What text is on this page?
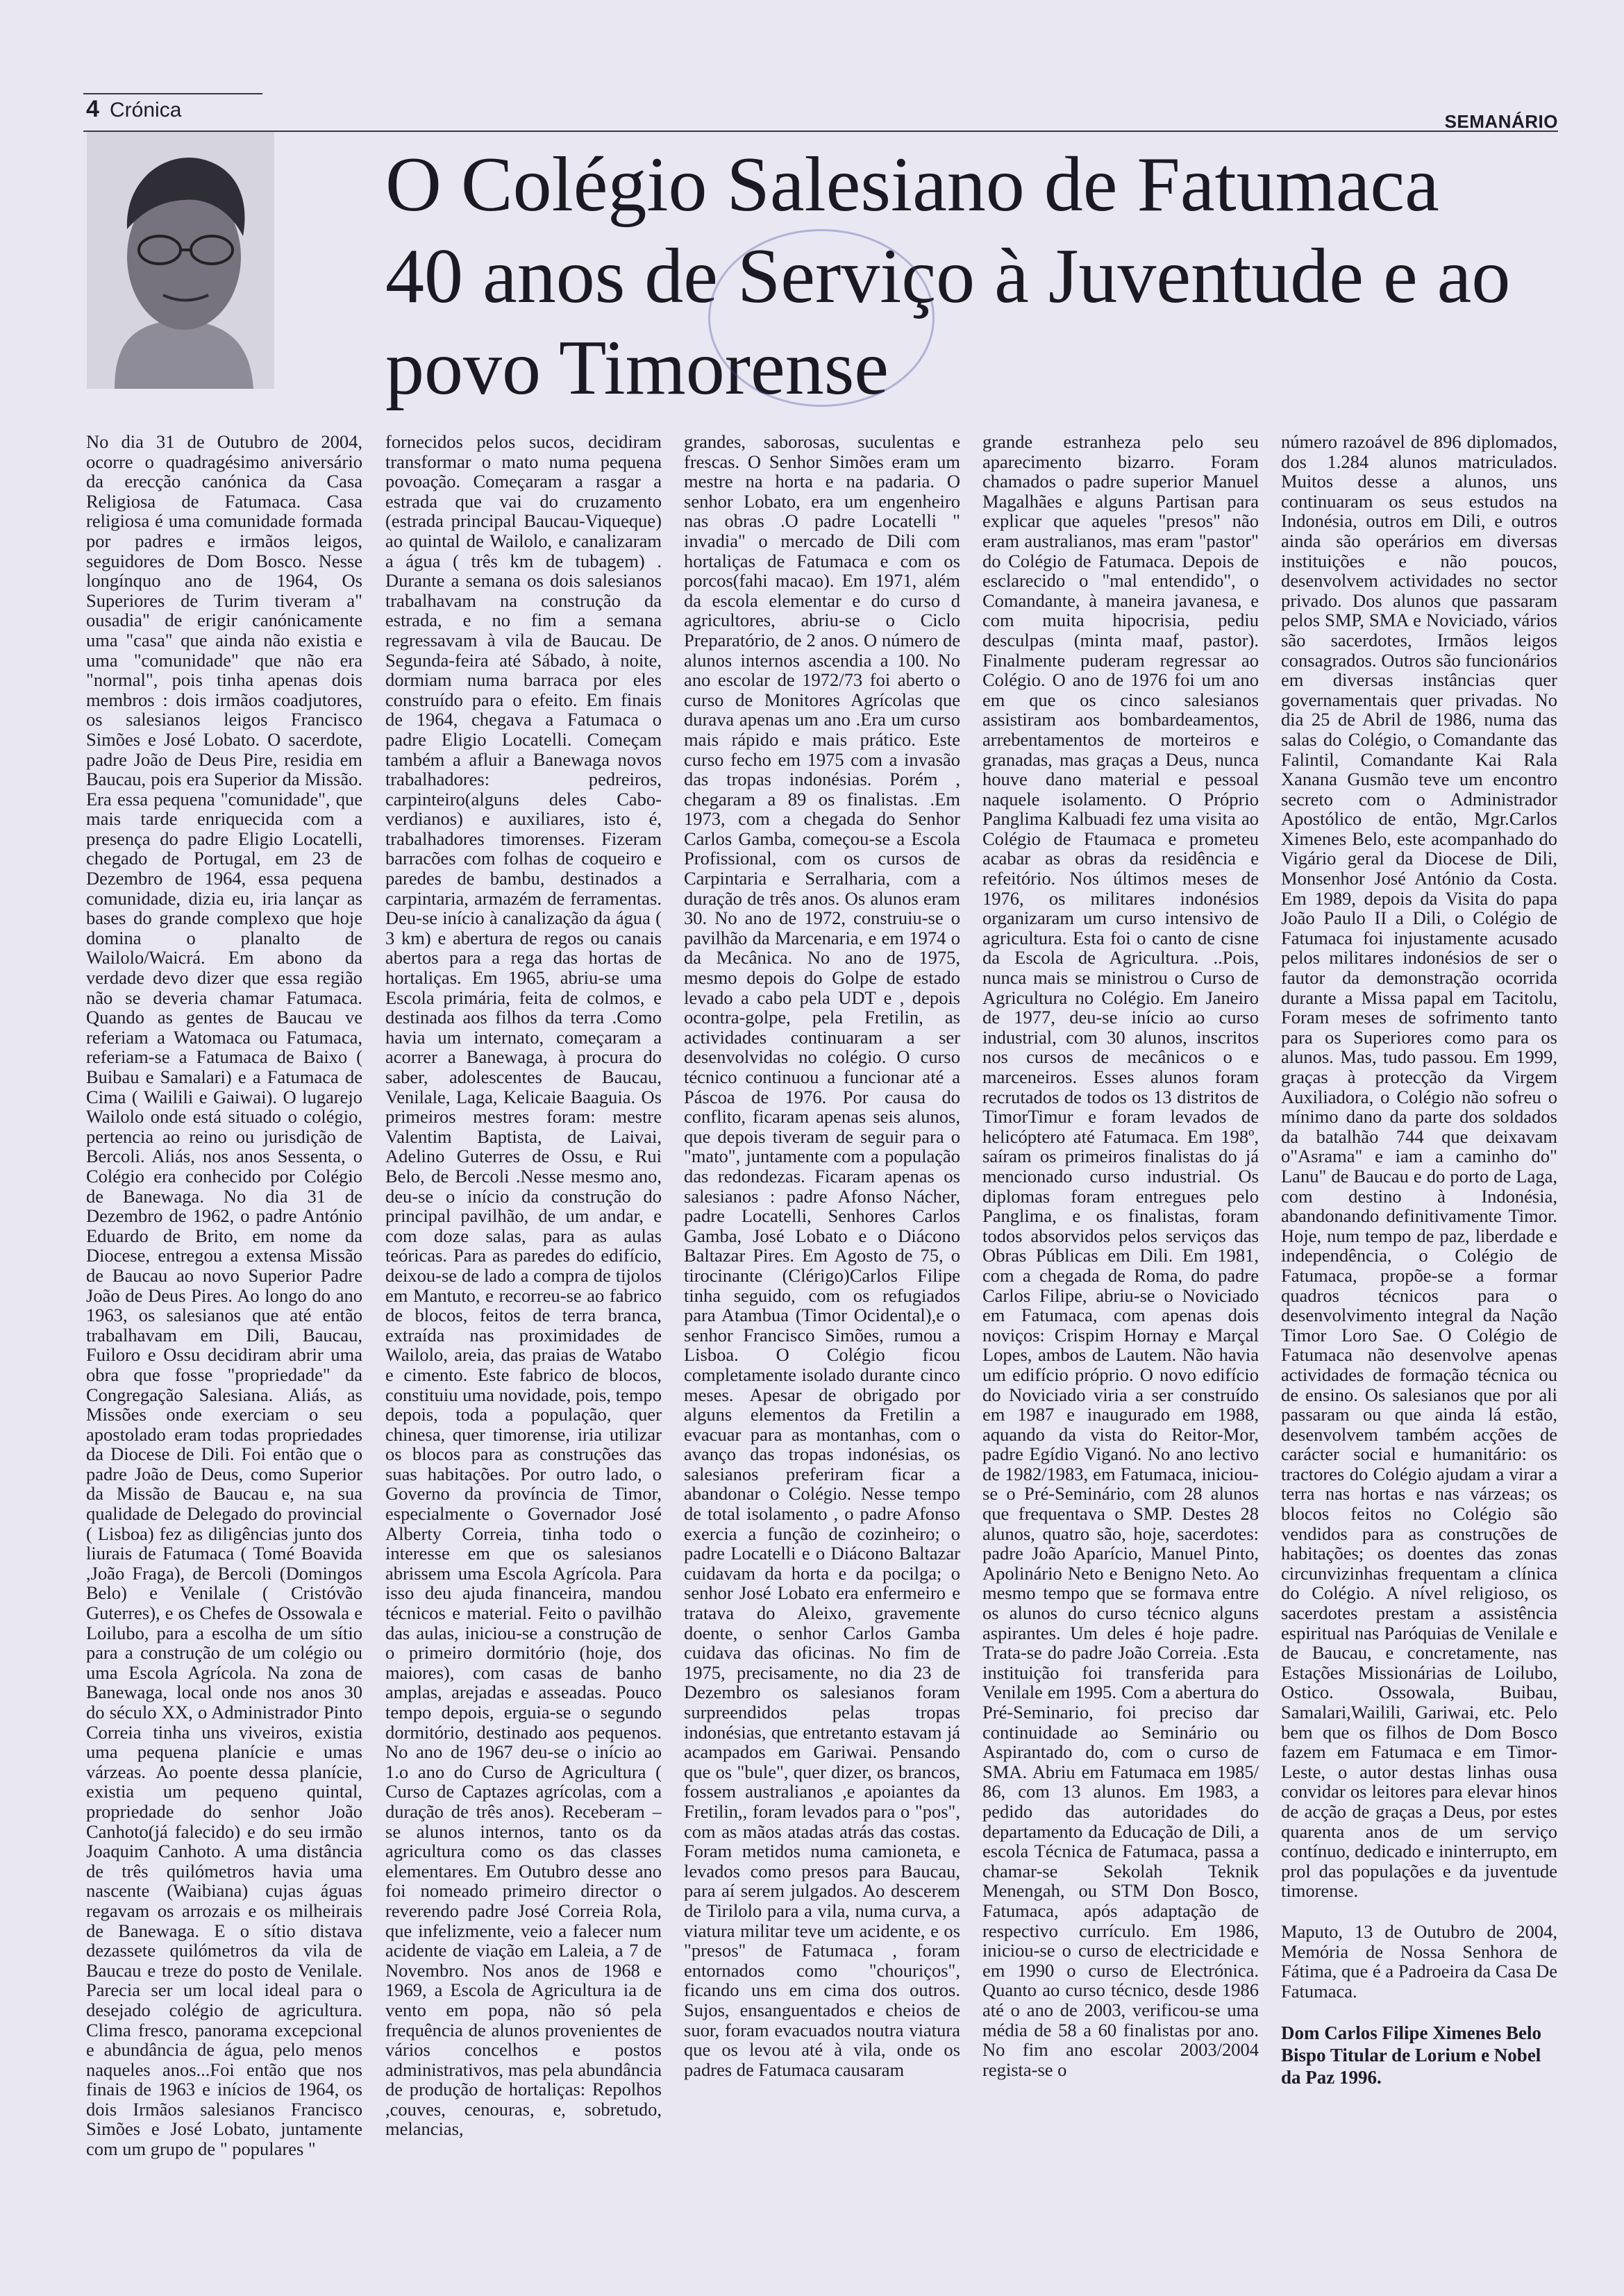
4 Crónica	SEMANÁRIO
O Colégio Salesiano de Fatumaca
40 anos de Serviço à Juventude e ao
povo Timorense

No dia 31 de Outubro de 2004, ocorre o quadragésimo aniversário da erecção canónica da Casa Religiosa de Fatumaca. Casa religiosa é uma comunidade formada por padres e irmãos leigos, seguidores de Dom Bosco. Nesse longínquo ano de 1964, Os Superiores de Turim tiveram a" ousadia" de erigir canónicamente uma "casa" que ainda não existia e uma "comunidade" que não era "normal", pois tinha apenas dois membros : dois irmãos coadjutores, os salesianos leigos Francisco Simões e José Lobato. O sacerdote, padre João de Deus Pire, residia em Baucau, pois era Superior da Missão. Era essa pequena "comunidade", que mais tarde enriquecida com a presença do padre Eligio Locatelli, chegado de Portugal, em 23 de Dezembro de 1964, essa pequena comunidade, dizia eu, iria lançar as bases do grande complexo que hoje domina o planalto de Wailolo/Waicrá. Em abono da verdade devo dizer que essa região não se deveria chamar Fatumaca. Quando as gentes de Baucau ve referiam a Watomaca ou Fatumaca, referiam-se a Fatumaca de Baixo ( Buibau e Samalari) e a Fatumaca de Cima ( Wailili e Gaiwai). O lugarejo Wailolo onde está situado o colégio, pertencia ao reino ou jurisdição de Bercoli. Aliás, nos anos Sessenta, o Colégio era conhecido por Colégio de Banewaga. No dia 31 de Dezembro de 1962, o padre António Eduardo de Brito, em nome da Diocese, entregou a extensa Missão de Baucau ao novo Superior Padre João de Deus Pires. Ao longo do ano 1963, os salesianos que até então trabalhavam em Dili, Baucau, Fuiloro e Ossu decidiram abrir uma obra que fosse "propriedade" da Congregação Salesiana. Aliás, as Missões onde exerciam o seu apostolado eram todas propriedades da Diocese de Dili. Foi então que o padre João de Deus, como Superior da Missão de Baucau e, na sua qualidade de Delegado do provincial ( Lisboa) fez as diligências junto dos liurais de Fatumaca ( Tomé Boavida ,João Fraga), de Bercoli (Domingos Belo) e Venilale ( Cristóvão Guterres), e os Chefes de Ossowala e Loilubo, para a escolha de um sítio para a construção de um colégio ou uma Escola Agrícola. Na zona de Banewaga, local onde nos anos 30 do século XX, o Administrador Pinto Correia tinha uns viveiros, existia uma pequena planície e umas várzeas. Ao poente dessa planície, existia um pequeno quintal, propriedade do senhor João Canhoto(já falecido) e do seu irmão Joaquim Canhoto. A uma distância de três quilómetros havia uma nascente (Waibiana) cujas águas regavam os arrozais e os milheirais de Banewaga. E o sítio distava dezassete quilómetros da vila de Baucau e treze do posto de Venilale. Parecia ser um local ideal para o desejado colégio de agricultura. Clima fresco, panorama excepcional e abundância de água, pelo menos naqueles anos...Foi então que nos finais de 1963 e inícios de 1964, os dois Irmãos salesianos Francisco Simões e José Lobato, juntamente com um grupo de " populares "

fornecidos pelos sucos, decidiram transformar o mato numa pequena povoação. Começaram a rasgar a estrada que vai do cruzamento (estrada principal Baucau-Viqueque) ao quintal de Wailolo, e canalizaram a água ( três km de tubagem) . Durante a semana os dois salesianos trabalhavam na construção da estrada, e no fim a semana regressavam à vila de Baucau. De Segunda-feira até Sábado, à noite, dormiam numa barraca por eles construído para o efeito. Em finais de 1964, chegava a Fatumaca o padre Eligio Locatelli. Começam também a afluir a Banewaga novos trabalhadores: pedreiros, carpinteiro(alguns deles Cabo-verdianos) e auxiliares, isto é, trabalhadores timorenses. Fizeram barracões com folhas de coqueiro e paredes de bambu, destinados a carpintaria, armazém de ferramentas. Deu-se início à canalização da água ( 3 km) e abertura de regos ou canais abertos para a rega das hortas de hortaliças. Em 1965, abriu-se uma Escola primária, feita de colmos, e destinada aos filhos da terra .Como havia um internato, começaram a acorrer a Banewaga, à procura do saber, adolescentes de Baucau, Venilale, Laga, Kelicaie Baaguia. Os primeiros mestres foram: mestre Valentim Baptista, de Laivai, Adelino Guterres de Ossu, e Rui Belo, de Bercoli .Nesse mesmo ano, deu-se o início da construção do principal pavilhão, de um andar, e com doze salas, para as aulas teóricas. Para as paredes do edifício, deixou-se de lado a compra de tijolos em Mantuto, e recorreu-se ao fabrico de blocos, feitos de terra branca, extraída nas proximidades de Wailolo, areia, das praias de Watabo e cimento. Este fabrico de blocos, constituiu uma novidade, pois, tempo depois, toda a população, quer chinesa, quer timorense, iria utilizar os blocos para as construções das suas habitações. Por outro lado, o Governo da província de Timor, especialmente o Governador José Alberty Correia, tinha todo o interesse em que os salesianos abrissem uma Escola Agrícola. Para isso deu ajuda financeira, mandou técnicos e material. Feito o pavilhão das aulas, iniciou-se a construção de o primeiro dormitório (hoje, dos maiores), com casas de banho amplas, arejadas e asseadas. Pouco tempo depois, erguia-se o segundo dormitório, destinado aos pequenos. No ano de 1967 deu-se o início ao 1.o ano do Curso de Agricultura ( Curso de Captazes agrícolas, com a duração de três anos). Receberam – se alunos internos, tanto os da agricultura como os das classes elementares. Em Outubro desse ano foi nomeado primeiro director o reverendo padre José Correia Rola, que infelizmente, veio a falecer num acidente de viação em Laleia, a 7 de Novembro. Nos anos de 1968 e 1969, a Escola de Agricultura ia de vento em popa, não só pela frequência de alunos provenientes de vários concelhos e postos administrativos, mas pela abundância de produção de hortaliças: Repolhos ,couves, cenouras, e, sobretudo, melancias,

grandes, saborosas, suculentas e frescas. O Senhor Simões eram um mestre na horta e na padaria. O senhor Lobato, era um engenheiro nas obras .O padre Locatelli " invadia" o mercado de Dili com hortaliças de Fatumaca e com os porcos(fahi macao). Em 1971, além da escola elementar e do curso d agricultores, abriu-se o Ciclo Preparatório, de 2 anos. O número de alunos internos ascendia a 100. No ano escolar de 1972/73 foi aberto o curso de Monitores Agrícolas que durava apenas um ano .Era um curso mais rápido e mais prático. Este curso fecho em 1975 com a invasão das tropas indonésias. Porém , chegaram a 89 os finalistas. .Em 1973, com a chegada do Senhor Carlos Gamba, começou-se a Escola Profissional, com os cursos de Carpintaria e Serralharia, com a duração de três anos. Os alunos eram 30. No ano de 1972, construiu-se o pavilhão da Marcenaria, e em 1974 o da Mecânica. No ano de 1975, mesmo depois do Golpe de estado levado a cabo pela UDT e , depois ocontra-golpe, pela Fretilin, as actividades continuaram a ser desenvolvidas no colégio. O curso técnico continuou a funcionar até a Páscoa de 1976. Por causa do conflito, ficaram apenas seis alunos, que depois tiveram de seguir para o "mato", juntamente com a população das redondezas. Ficaram apenas os salesianos : padre Afonso Nácher, padre Locatelli, Senhores Carlos Gamba, José Lobato e o Diácono Baltazar Pires. Em Agosto de 75, o tirocinante (Clérigo)Carlos Filipe tinha seguido, com os refugiados para Atambua (Timor Ocidental),e o senhor Francisco Simões, rumou a Lisboa. O Colégio ficou completamente isolado durante cinco meses. Apesar de obrigado por alguns elementos da Fretilin a evacuar para as montanhas, com o avanço das tropas indonésias, os salesianos preferiram ficar a abandonar o Colégio. Nesse tempo de total isolamento , o padre Afonso exercia a função de cozinheiro; o padre Locatelli e o Diácono Baltazar cuidavam da horta e da pocilga; o senhor José Lobato era enfermeiro e tratava do Aleixo, gravemente doente, o senhor Carlos Gamba cuidava das oficinas. No fim de 1975, precisamente, no dia 23 de Dezembro os salesianos foram surpreendidos pelas tropas indonésias, que entretanto estavam já acampados em Gariwai. Pensando que os "bule", quer dizer, os brancos, fossem australianos ,e apoiantes da Fretilin,, foram levados para o "pos", com as mãos atadas atrás das costas. Foram metidos numa camioneta, e levados como presos para Baucau, para aí serem julgados. Ao descerem de Tirilolo para a vila, numa curva, a viatura militar teve um acidente, e os "presos" de Fatumaca , foram entornados como "chouriços", ficando uns em cima dos outros. Sujos, ensanguentados e cheios de suor, foram evacuados noutra viatura que os levou até à vila, onde os padres de Fatumaca causaram

grande estranheza pelo seu aparecimento bizarro. Foram chamados o padre superior Manuel Magalhães e alguns Partisan para explicar que aqueles "presos" não eram australianos, mas eram "pastor" do Colégio de Fatumaca. Depois de esclarecido o "mal entendido", o Comandante, à maneira javanesa, e com muita hipocrisia, pediu desculpas (minta maaf, pastor). Finalmente puderam regressar ao Colégio. O ano de 1976 foi um ano em que os cinco salesianos assistiram aos bombardeamentos, arrebentamentos de morteiros e granadas, mas graças a Deus, nunca houve dano material e pessoal naquele isolamento. O Próprio Panglima Kalbuadi fez uma visita ao Colégio de Ftaumaca e prometeu acabar as obras da residência e refeitório. Nos últimos meses de 1976, os militares indonésios organizaram um curso intensivo de agricultura. Esta foi o canto de cisne da Escola de Agricultura. ..Pois, nunca mais se ministrou o Curso de Agricultura no Colégio. Em Janeiro de 1977, deu-se início ao curso industrial, com 30 alunos, inscritos nos cursos de mecânicos o e marceneiros. Esses alunos foram recrutados de todos os 13 distritos de TimorTimur e foram levados de helicóptero até Fatumaca. Em 198º, saíram os primeiros finalistas do já mencionado curso industrial. Os diplomas foram entregues pelo Panglima, e os finalistas, foram todos absorvidos pelos serviços das Obras Públicas em Dili. Em 1981, com a chegada de Roma, do padre Carlos Filipe, abriu-se o Noviciado em Fatumaca, com apenas dois noviços: Crispim Hornay e Marçal Lopes, ambos de Lautem. Não havia um edifício próprio. O novo edifício do Noviciado viria a ser construído em 1987 e inaugurado em 1988, aquando da vista do Reitor-Mor, padre Egídio Viganó. No ano lectivo de 1982/1983, em Fatumaca, iniciou-se o Pré-Seminário, com 28 alunos que frequentava o SMP. Destes 28 alunos, quatro são, hoje, sacerdotes: padre João Aparício, Manuel Pinto, Apolinário Neto e Benigno Neto. Ao mesmo tempo que se formava entre os alunos do curso técnico alguns aspirantes. Um deles é hoje padre. Trata-se do padre João Correia. .Esta instituição foi transferida para Venilale em 1995. Com a abertura do Pré-Seminario, foi preciso dar continuidade ao Seminário ou Aspirantado do, com o curso de SMA. Abriu em Fatumaca em 1985/ 86, com 13 alunos. Em 1983, a pedido das autoridades do departamento da Educação de Dili, a escola Técnica de Fatumaca, passa a chamar-se Sekolah Teknik Menengah, ou STM Don Bosco, Fatumaca, após adaptação de respectivo currículo. Em 1986, iniciou-se o curso de electricidade e em 1990 o curso de Electrónica. Quanto ao curso técnico, desde 1986 até o ano de 2003, verificou-se uma média de 58 a 60 finalistas por ano. No fim ano escolar 2003/2004 regista-se o

número razoável de 896 diplomados, dos 1.284 alunos matriculados. Muitos desse a alunos, uns continuaram os seus estudos na Indonésia, outros em Dili, e outros ainda são operários em diversas instituições e não poucos, desenvolvem actividades no sector privado. Dos alunos que passaram pelos SMP, SMA e Noviciado, vários são sacerdotes, Irmãos leigos consagrados. Outros são funcionários em diversas instâncias quer governamentais quer privadas. No dia 25 de Abril de 1986, numa das salas do Colégio, o Comandante das Falintil, Comandante Kai Rala Xanana Gusmão teve um encontro secreto com o Administrador Apostólico de então, Mgr.Carlos Ximenes Belo, este acompanhado do Vigário geral da Diocese de Dili, Monsenhor José António da Costa. Em 1989, depois da Visita do papa João Paulo II a Dili, o Colégio de Fatumaca foi injustamente acusado pelos militares indonésios de ser o fautor da demonstração ocorrida durante a Missa papal em Tacitolu, Foram meses de sofrimento tanto para os Superiores como para os alunos. Mas, tudo passou. Em 1999, graças à protecção da Virgem Auxiliadora, o Colégio não sofreu o mínimo dano da parte dos soldados da batalhão 744 que deixavam o"Asrama" e iam a caminho do" Lanu" de Baucau e do porto de Laga, com destino à Indonésia, abandonando definitivamente Timor. Hoje, num tempo de paz, liberdade e independência, o Colégio de Fatumaca, propõe-se a formar quadros técnicos para o desenvolvimento integral da Nação Timor Loro Sae. O Colégio de Fatumaca não desenvolve apenas actividades de formação técnica ou de ensino. Os salesianos que por ali passaram ou que ainda lá estão, desenvolvem também acções de carácter social e humanitário: os tractores do Colégio ajudam a virar a terra nas hortas e nas várzeas; os blocos feitos no Colégio são vendidos para as construções de habitações; os doentes das zonas circunvizinhas frequentam a clínica do Colégio. A nível religioso, os sacerdotes prestam a assistência espiritual nas Paróquias de Venilale e de Baucau, e concretamente, nas Estações Missionárias de Loilubo, Ostico. Ossowala, Buibau, Samalari,Wailili, Gariwai, etc. Pelo bem que os filhos de Dom Bosco fazem em Fatumaca e em Timor-Leste, o autor destas linhas ousa convidar os leitores para elevar hinos de acção de graças a Deus, por estes quarenta anos de um serviço contínuo, dedicado e ininterrupto, em prol das populações e da juventude timorense.

Maputo, 13 de Outubro de 2004, Memória de Nossa Senhora de Fátima, que é a Padroeira da Casa De Fatumaca.

Dom Carlos Filipe Ximenes Belo
Bispo Titular de Lorium e Nobel da Paz 1996.
